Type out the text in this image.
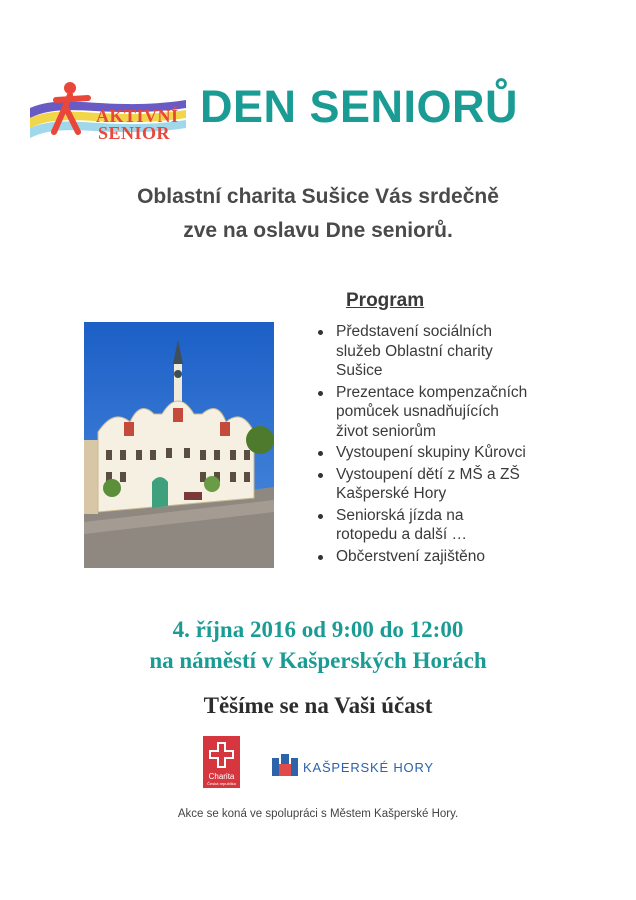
AKTIVNÍ
SENIOR
DEN SENIORŮ
Oblastní charita Sušice Vás srdečně
zve na oslavu Dne seniorů.
Program
Představení sociálních
služeb Oblastní charity
Sušice
Prezentace kompenzačních
pomůcek usnadňujících
život seniorům
Vystoupení skupiny Kůrovci
Vystoupení dětí z MŠ a ZŠ
Kašperské Hory
Seniorská jízda na
rotopedu a další …
Občerstvení zajištěno
4. října 2016 od 9:00 do 12:00
na náměstí v Kašperských Horách
Těšíme se na Vaši účast
Charita
Česká republika
KAŠPERSKÉ HORY
Akce se koná ve spolupráci s Městem Kašperské Hory.
